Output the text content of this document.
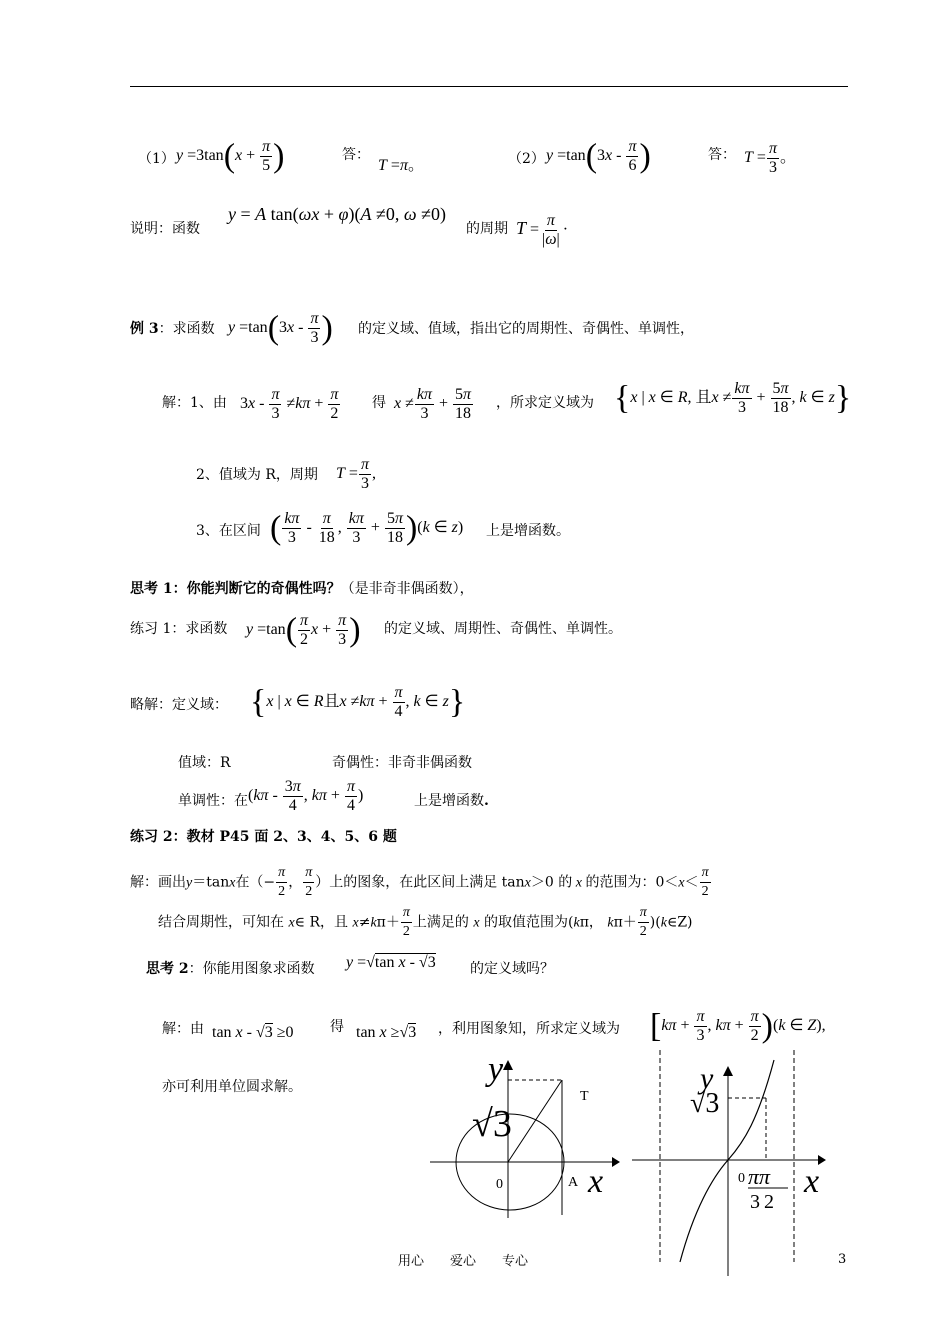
（1） $y =3\tan(x + \frac{\pi}{5}$ )	答：
T =π。	（2） $y =\tan(3x - \frac{\pi}{6}$ )	答： $T = \frac{\pi}{3}$ 。
说明：函数
y = A tan(ωx + φ)(A ≠0, ω ≠0)
的周期 $T = \frac{\pi}{|\omega|}$ ·
例 3：求函数 $y =\tan(3x - \frac{\pi}{3}$ ) 的定义域、值域，指出它的周期性、奇偶性、单调性，
解：1、由 $3x - \frac{\pi}{3} \ne k\pi + \frac{\pi}{2}$ 得 $x \ne \frac{k\pi}{3} + \frac{5\pi}{18}$ ，所求定义域为 {x | x ∈ R, 且$x \ne \frac{k\pi}{3} + \frac{5\pi}{18}$ , k ∈ z}
2、值域为 R，周期 $T = \frac{\pi}{3}$ ,
3、在区间 ( $\frac{k\pi}{3} - \frac{\pi}{18}$ , $\frac{k\pi}{3} + \frac{5\pi}{18} )(k$ ∈ z) 上是增函数。
思考 1：你能判断它的奇偶性吗？（是非奇非偶函数），
练习 1：求函数 $y =\tan( \frac{\pi}{2}$ $x + \frac{\pi}{3}$ ) 的定义域、周期性、奇偶性、单调性。
略解：定义域： {x | x ∈ R且$x \ne k\pi + \frac{\pi}{4}$ , k ∈ z}
值域：R	奇偶性：非奇非偶函数
单调性：在 ($k\pi - \frac{3\pi}{4}$ , $k\pi + \frac{\pi}{4}$ )	上是增函数.
练习 2：教材 P45 面 2、3、4、5、6 题
解：画出y＝tanx在（− $\frac{\pi}{2}$ ， $\frac{\pi}{2}$ ）上的图象，在此区间上满足 tanx＞0 的 x 的范围为：$0<x< \frac{\pi}{2}$
结合周期性，可知在 x∈ R，且 $x\ne k\pi+ \frac{\pi}{2}$ 上满足的 x 的取值范围为(kπ， $k\pi+ \frac{\pi}{2}$ )(k∈Z)
思考 2：你能用图象求函数 y =√tan x - √3 的定义域吗？
解：由 tan x - √3 ≥0	得 tan x ≥√3 ，利用图象知，所求定义域为 [$k\pi + \frac{\pi}{3}$ , $k\pi + \frac{\pi}{2} )(k$ ∈ Z),
亦可利用单位圆求解。	y
√3
T
0	A x
y
√3
0 ππ
32
x
用心　　爱心　　专心	3
